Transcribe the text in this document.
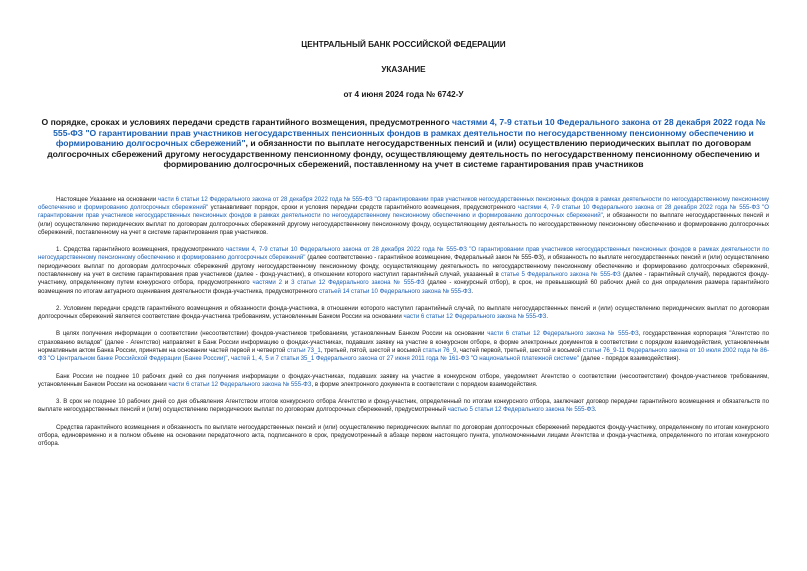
ЦЕНТРАЛЬНЫЙ БАНК РОССИЙСКОЙ ФЕДЕРАЦИИ
УКАЗАНИЕ
от 4 июня 2024 года № 6742-У
О порядке, сроках и условиях передачи средств гарантийного возмещения, предусмотренного частями 4, 7-9 статьи 10 Федерального закона от 28 декабря 2022 года № 555-ФЗ "О гарантировании прав участников негосударственных пенсионных фондов в рамках деятельности по негосударственному пенсионному обеспечению и формированию долгосрочных сбережений", и обязанности по выплате негосударственных пенсий и (или) осуществлению периодических выплат по договорам долгосрочных сбережений другому негосударственному пенсионному фонду, осуществляющему деятельность по негосударственному пенсионному обеспечению и формированию долгосрочных сбережений, поставленному на учет в системе гарантирования прав участников

Настоящее Указание на основании части 6 статьи 12 Федерального закона от 28 декабря 2022 года № 555-ФЗ "О гарантировании прав участников негосударственных пенсионных фондов в рамках деятельности по негосударственному пенсионному обеспечению и формированию долгосрочных сбережений" устанавливает порядок, сроки и условия передачи средств гарантийного возмещения, предусмотренного частями 4, 7-9 статьи 10 Федерального закона от 28 декабря 2022 года № 555-ФЗ "О гарантировании прав участников негосударственных пенсионных фондов в рамках деятельности по негосударственному пенсионному обеспечению и формированию долгосрочных сбережений", и обязанности по выплате негосударственных пенсий и (или) осуществлению периодических выплат по договорам долгосрочных сбережений другому негосударственному пенсионному фонду, осуществляющему деятельность по негосударственному пенсионному обеспечению и формированию долгосрочных сбережений, поставленному на учет в системе гарантирования прав участников.

1. Средства гарантийного возмещения, предусмотренного частями 4, 7-9 статьи 10 Федерального закона от 28 декабря 2022 года № 555-ФЗ "О гарантировании прав участников негосударственных пенсионных фондов в рамках деятельности по негосударственному пенсионному обеспечению и формированию долгосрочных сбережений" (далее соответственно - гарантийное возмещение, Федеральный закон № 555-ФЗ), и обязанность по выплате негосударственных пенсий и (или) осуществлению периодических выплат по договорам долгосрочных сбережений другому негосударственному пенсионному фонду, осуществляющему деятельность по негосударственному пенсионному обеспечению и формированию долгосрочных сбережений, поставленному на учет в системе гарантирования прав участников (далее - фонд-участник), в отношении которого наступил гарантийный случай, указанный в статье 5 Федерального закона № 555-ФЗ (далее - гарантийный случай), передаются фонду-участнику, определенному путем конкурсного отбора, предусмотренного частями 2 и 3 статьи 12 Федерального закона № 555-ФЗ (далее - конкурсный отбор), в срок, не превышающий 60 рабочих дней со дня определения размера гарантийного возмещения по итогам актуарного оценивания деятельности фонда-участника, предусмотренного статьей 14 статьи 10 Федерального закона № 555-ФЗ.

2. Условием передачи средств гарантийного возмещения и обязанности фонда-участника, в отношении которого наступил гарантийный случай, по выплате негосударственных пенсий и (или) осуществлению периодических выплат по договорам долгосрочных сбережений является соответствие фонда-участника требованиям, установленным Банком России на основании части 6 статьи 12 Федерального закона № 555-ФЗ.

В целях получения информации о соответствии (несоответствии) фондов-участников требованиям, установленным Банком России на основании части 6 статьи 12 Федерального закона № 555-ФЗ, государственная корпорация "Агентство по страхованию вкладов" (далее - Агентство) направляет в Банк России информацию о фондах-участниках, подавших заявку на участие в конкурсном отборе, в форме электронных документов в соответствии с порядком взаимодействия, установленным нормативным актом Банка России, принятым на основании частей первой и четвертой статьи 73_1, третьей, пятой, шестой и восьмой статьи 76_9, частей первой, третьей, шестой и восьмой статьи 76_9-11 Федерального закона от 10 июля 2002 года № 86-ФЗ "О Центральном банке Российской Федерации (Банке России)", частей 1, 4, 5 и 7 статьи 35_1 Федерального закона от 27 июня 2011 года № 161-ФЗ "О национальной платежной системе" (далее - порядок взаимодействия).

Банк России не позднее 10 рабочих дней со дня получения информации о фондах-участниках, подавших заявку на участие в конкурсном отборе, уведомляет Агентство о соответствии (несоответствии) фондов-участников требованиям, установленным Банком России на основании части 6 статьи 12 Федерального закона № 555-ФЗ, в форме электронного документа в соответствии с порядком взаимодействия.

3. В срок не позднее 10 рабочих дней со дня объявления Агентством итогов конкурсного отбора Агентство и фонд-участник, определенный по итогам конкурсного отбора, заключают договор передачи гарантийного возмещения и обязательств по выплате негосударственных пенсий и (или) осуществлению периодических выплат по договорам долгосрочных сбережений, предусмотренный частью 5 статьи 12 Федерального закона № 555-ФЗ.

Средства гарантийного возмещения и обязанность по выплате негосударственных пенсий и (или) осуществлению периодических выплат по договорам долгосрочных сбережений передаются фонду-участнику, определенному по итогам конкурсного отбора, единовременно и в полном объеме на основании передаточного акта, подписанного в срок, предусмотренный в абзаце первом настоящего пункта, уполномоченными лицами Агентства и фонда-участника, определенного по итогам конкурсного отбора.
